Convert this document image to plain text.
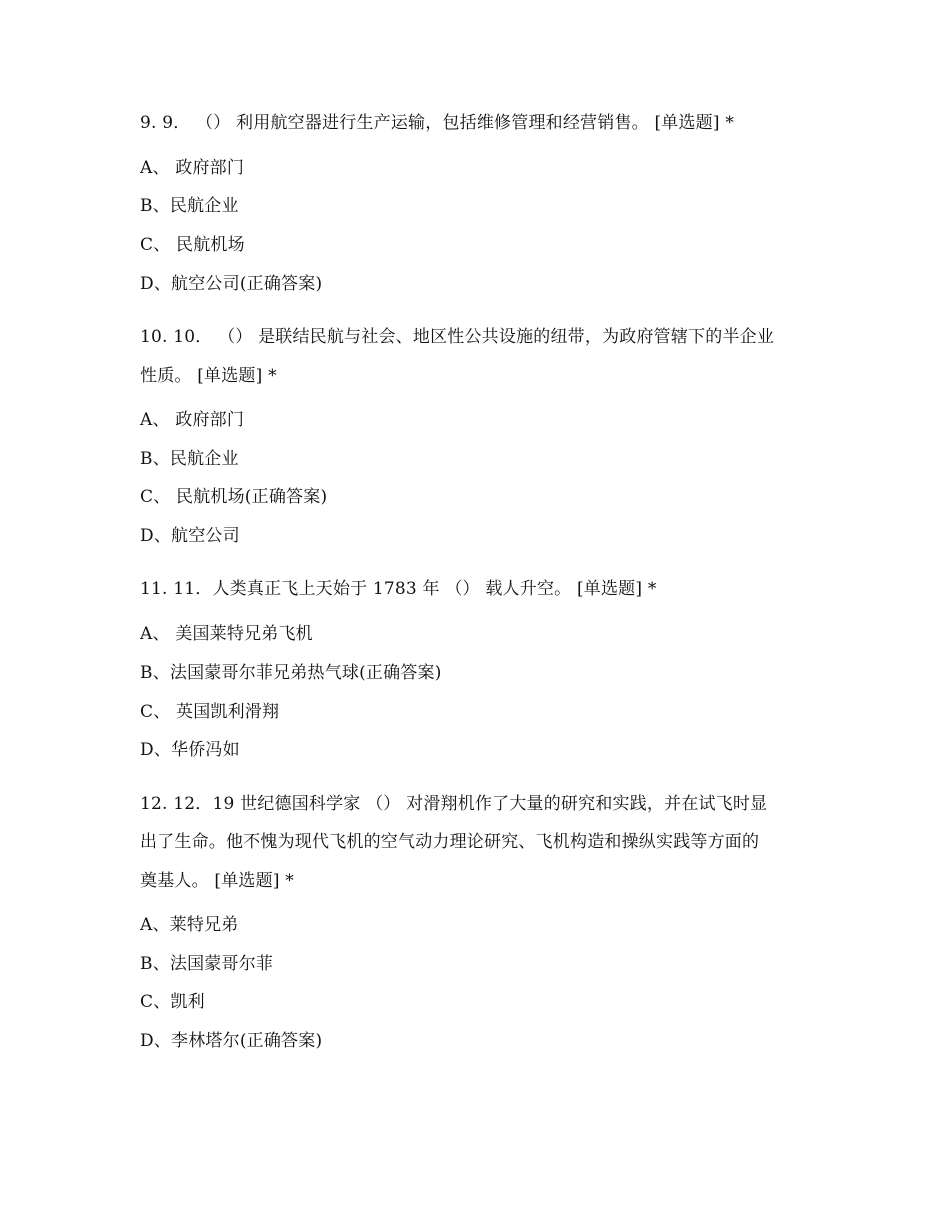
9. 9． （） 利用航空器进行生产运输，包括维修管理和经营销售。 [单选题] *
A、 政府部门
B、民航企业
C、 民航机场
D、航空公司(正确答案)
10. 10． （） 是联结民航与社会、地区性公共设施的纽带，为政府管辖下的半企业
性质。 [单选题] *
A、 政府部门
B、民航企业
C、 民航机场(正确答案)
D、航空公司
11. 11．人类真正飞上天始于 1783 年 （） 载人升空。 [单选题] *
A、 美国莱特兄弟飞机
B、法国蒙哥尔菲兄弟热气球(正确答案)
C、 英国凯利滑翔
D、华侨冯如
12. 12．19 世纪德国科学家 （） 对滑翔机作了大量的研究和实践，并在试飞时显
出了生命。他不愧为现代飞机的空气动力理论研究、飞机构造和操纵实践等方面的
奠基人。 [单选题] *
A、莱特兄弟
B、法国蒙哥尔菲
C、凯利
D、李林塔尔(正确答案)
